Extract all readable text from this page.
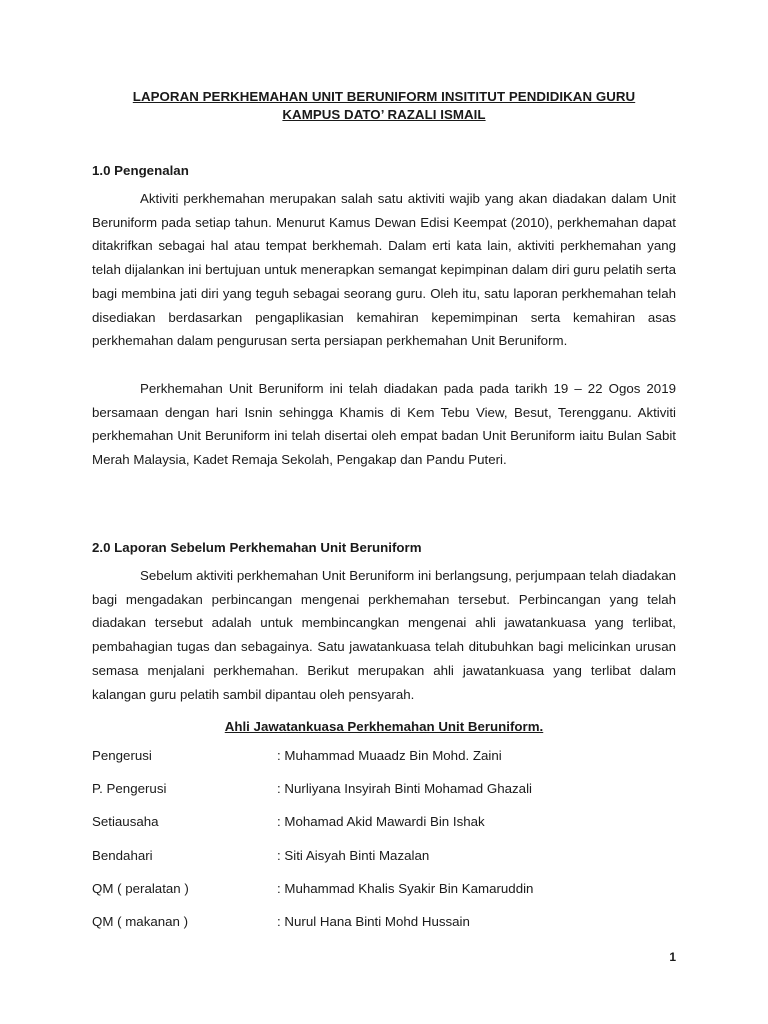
LAPORAN PERKHEMAHAN UNIT BERUNIFORM INSITITUT PENDIDIKAN GURU
KAMPUS DATO’ RAZALI ISMAIL
1.0 Pengenalan

Aktiviti perkhemahan merupakan salah satu aktiviti wajib yang akan diadakan dalam Unit Beruniform pada setiap tahun. Menurut Kamus Dewan Edisi Keempat (2010), perkhemahan dapat ditakrifkan sebagai hal atau tempat berkhemah. Dalam erti kata lain, aktiviti perkhemahan yang telah dijalankan ini bertujuan untuk menerapkan semangat kepimpinan dalam diri guru pelatih serta bagi membina jati diri yang teguh sebagai seorang guru. Oleh itu, satu laporan perkhemahan telah disediakan berdasarkan pengaplikasian kemahiran kepemimpinan serta kemahiran asas perkhemahan dalam pengurusan serta persiapan perkhemahan Unit Beruniform.

Perkhemahan Unit Beruniform ini telah diadakan pada pada tarikh 19 – 22 Ogos 2019 bersamaan dengan hari Isnin sehingga Khamis di Kem Tebu View, Besut, Terengganu. Aktiviti perkhemahan Unit Beruniform ini telah disertai oleh empat badan Unit Beruniform iaitu Bulan Sabit Merah Malaysia, Kadet Remaja Sekolah, Pengakap dan Pandu Puteri.

2.0 Laporan Sebelum Perkhemahan Unit Beruniform

Sebelum aktiviti perkhemahan Unit Beruniform ini berlangsung, perjumpaan telah diadakan bagi mengadakan perbincangan mengenai perkhemahan tersebut. Perbincangan yang telah diadakan tersebut adalah untuk membincangkan mengenai ahli jawatankuasa yang terlibat, pembahagian tugas dan sebagainya. Satu jawatankuasa telah ditubuhkan bagi melicinkan urusan semasa menjalani perkhemahan. Berikut merupakan ahli jawatankuasa yang terlibat dalam kalangan guru pelatih sambil dipantau oleh pensyarah.

Ahli Jawatankuasa Perkhemahan Unit Beruniform.
Pengerusi	: Muhammad Muaadz Bin Mohd. Zaini
P. Pengerusi	: Nurliyana Insyirah Binti Mohamad Ghazali
Setiausaha	: Mohamad Akid Mawardi Bin Ishak
Bendahari	: Siti Aisyah Binti Mazalan
QM ( peralatan )	: Muhammad Khalis Syakir Bin Kamaruddin
QM ( makanan )	: Nurul Hana Binti Mohd Hussain
1
